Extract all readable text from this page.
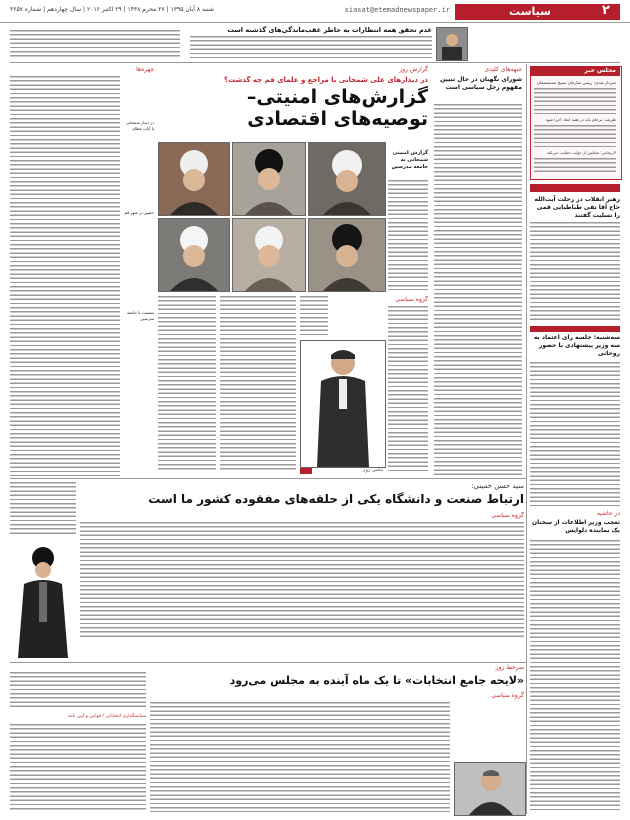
۲
سیاست
siasat@etemadnewspaper.ir
شنبه ۸ آبان ۱۳۹۵ | ۲۷ محرم ۱۴۳۸ | ۲۹ اکتبر ۲۰۱۶ | سال چهاردهم | شماره ۳۶۵۷
عدم تحقق همه انتظارات به خاطر عقب‌ماندگی‌های گذشته است
مجلس خبر
سردار نقدی: رییس سازمان بسیج مستضعفان
ظریف: برجام باید در همه ابعاد اجرا شود
لاریجانی: مجلس از دولت حمایت می‌کند
رهبر انقلاب در رحلت آیت‌الله حاج آقا تقی طباطبایی قمی را تسلیت گفتند
سه‌شنبه: جلسه رای اعتماد به سه وزیر پیشنهادی با حضور روحانی
در حاشیه
تعجب وزیر اطلاعات از سخنان یک نماینده دلواپس
جبهه‌های کلیدی
شورای نگهبان در حال تبیین مفهوم رجل سیاسی است
گزارش روز
در دیدارهای علی شمخانی با مراجع و علمای قم چه گذشت؟
گزارش‌های امنیتی–
توصیه‌های اقتصادی
گزارش امنیتی شمخانی به جامعه مدرسین
گروه سیاسی
عکس روز
چهره‌ها
در دیدار شمخانی با آیات عظام
حضور در شهر قم
نشست با جامعه مدرسین
سید حسن خمینی:
ارتباط صنعت و دانشگاه یکی از حلقه‌های مفقوده کشور ما است
گروه سیاسی
سرخط روز
«لایحه جامع انتخابات» تا یک ماه آینده به مجلس می‌رود
گروه سیاسی
سیاستگذاری انتخاباتی / قوانین و آیین نامه
